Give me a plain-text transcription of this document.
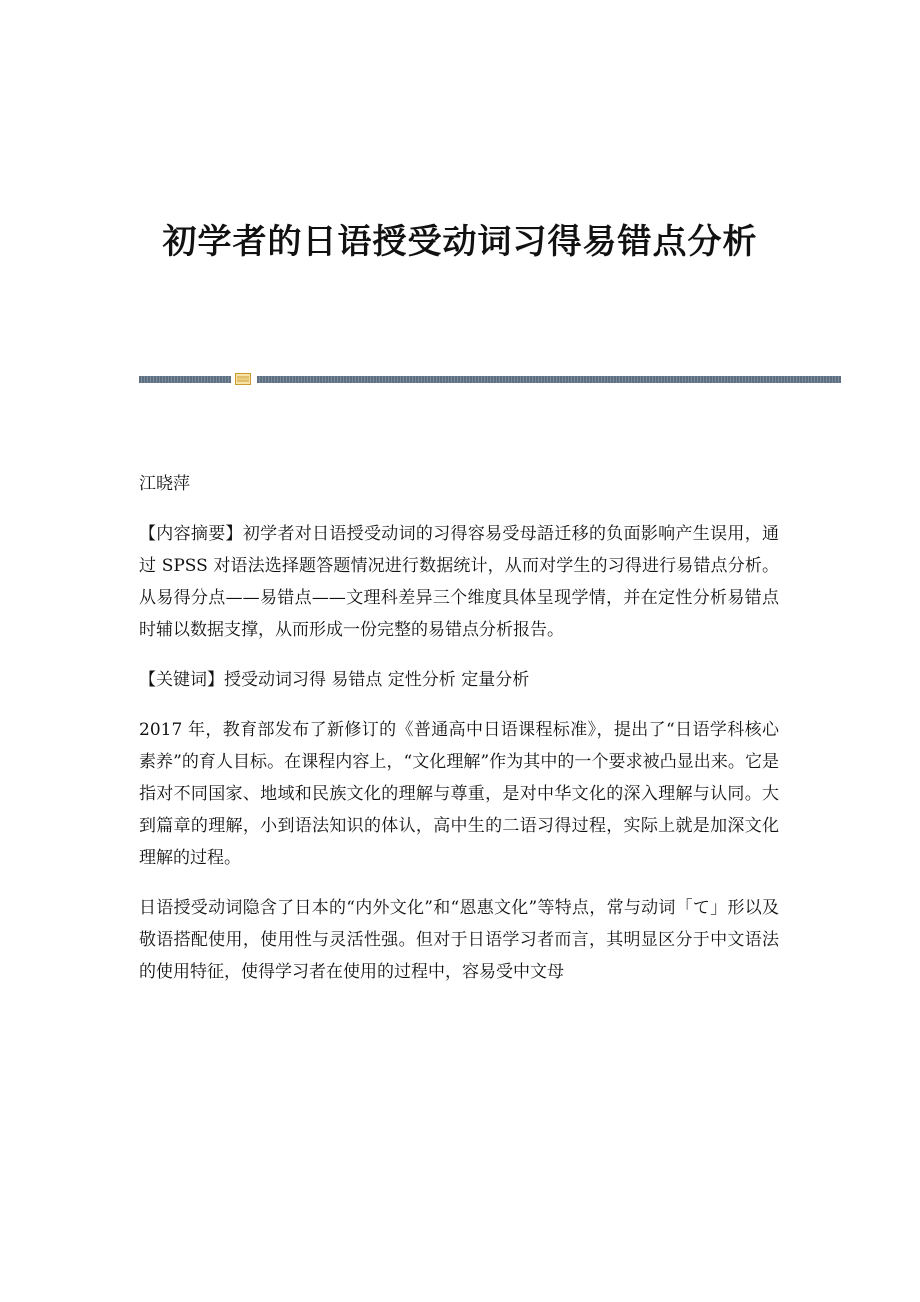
初学者的日语授受动词习得易错点分析

江晓萍

【内容摘要】初学者对日语授受动词的习得容易受母語迁移的负面影响产生误用，通过 SPSS 对语法选择题答题情况进行数据统计，从而对学生的习得进行易错点分析。从易得分点——易错点——文理科差异三个维度具体呈现学情，并在定性分析易错点时辅以数据支撑，从而形成一份完整的易错点分析报告。

【关键词】授受动词习得 易错点 定性分析 定量分析

2017 年，教育部发布了新修订的《普通高中日语课程标准》，提出了“日语学科核心素养”的育人目标。在课程内容上，“文化理解”作为其中的一个要求被凸显出来。它是指对不同国家、地域和民族文化的理解与尊重，是对中华文化的深入理解与认同。大到篇章的理解，小到语法知识的体认，高中生的二语习得过程，实际上就是加深文化理解的过程。

日语授受动词隐含了日本的“内外文化”和“恩惠文化”等特点，常与动词「て」形以及敬语搭配使用，使用性与灵活性强。但对于日语学习者而言，其明显区分于中文语法的使用特征，使得学习者在使用的过程中，容易受中文母
